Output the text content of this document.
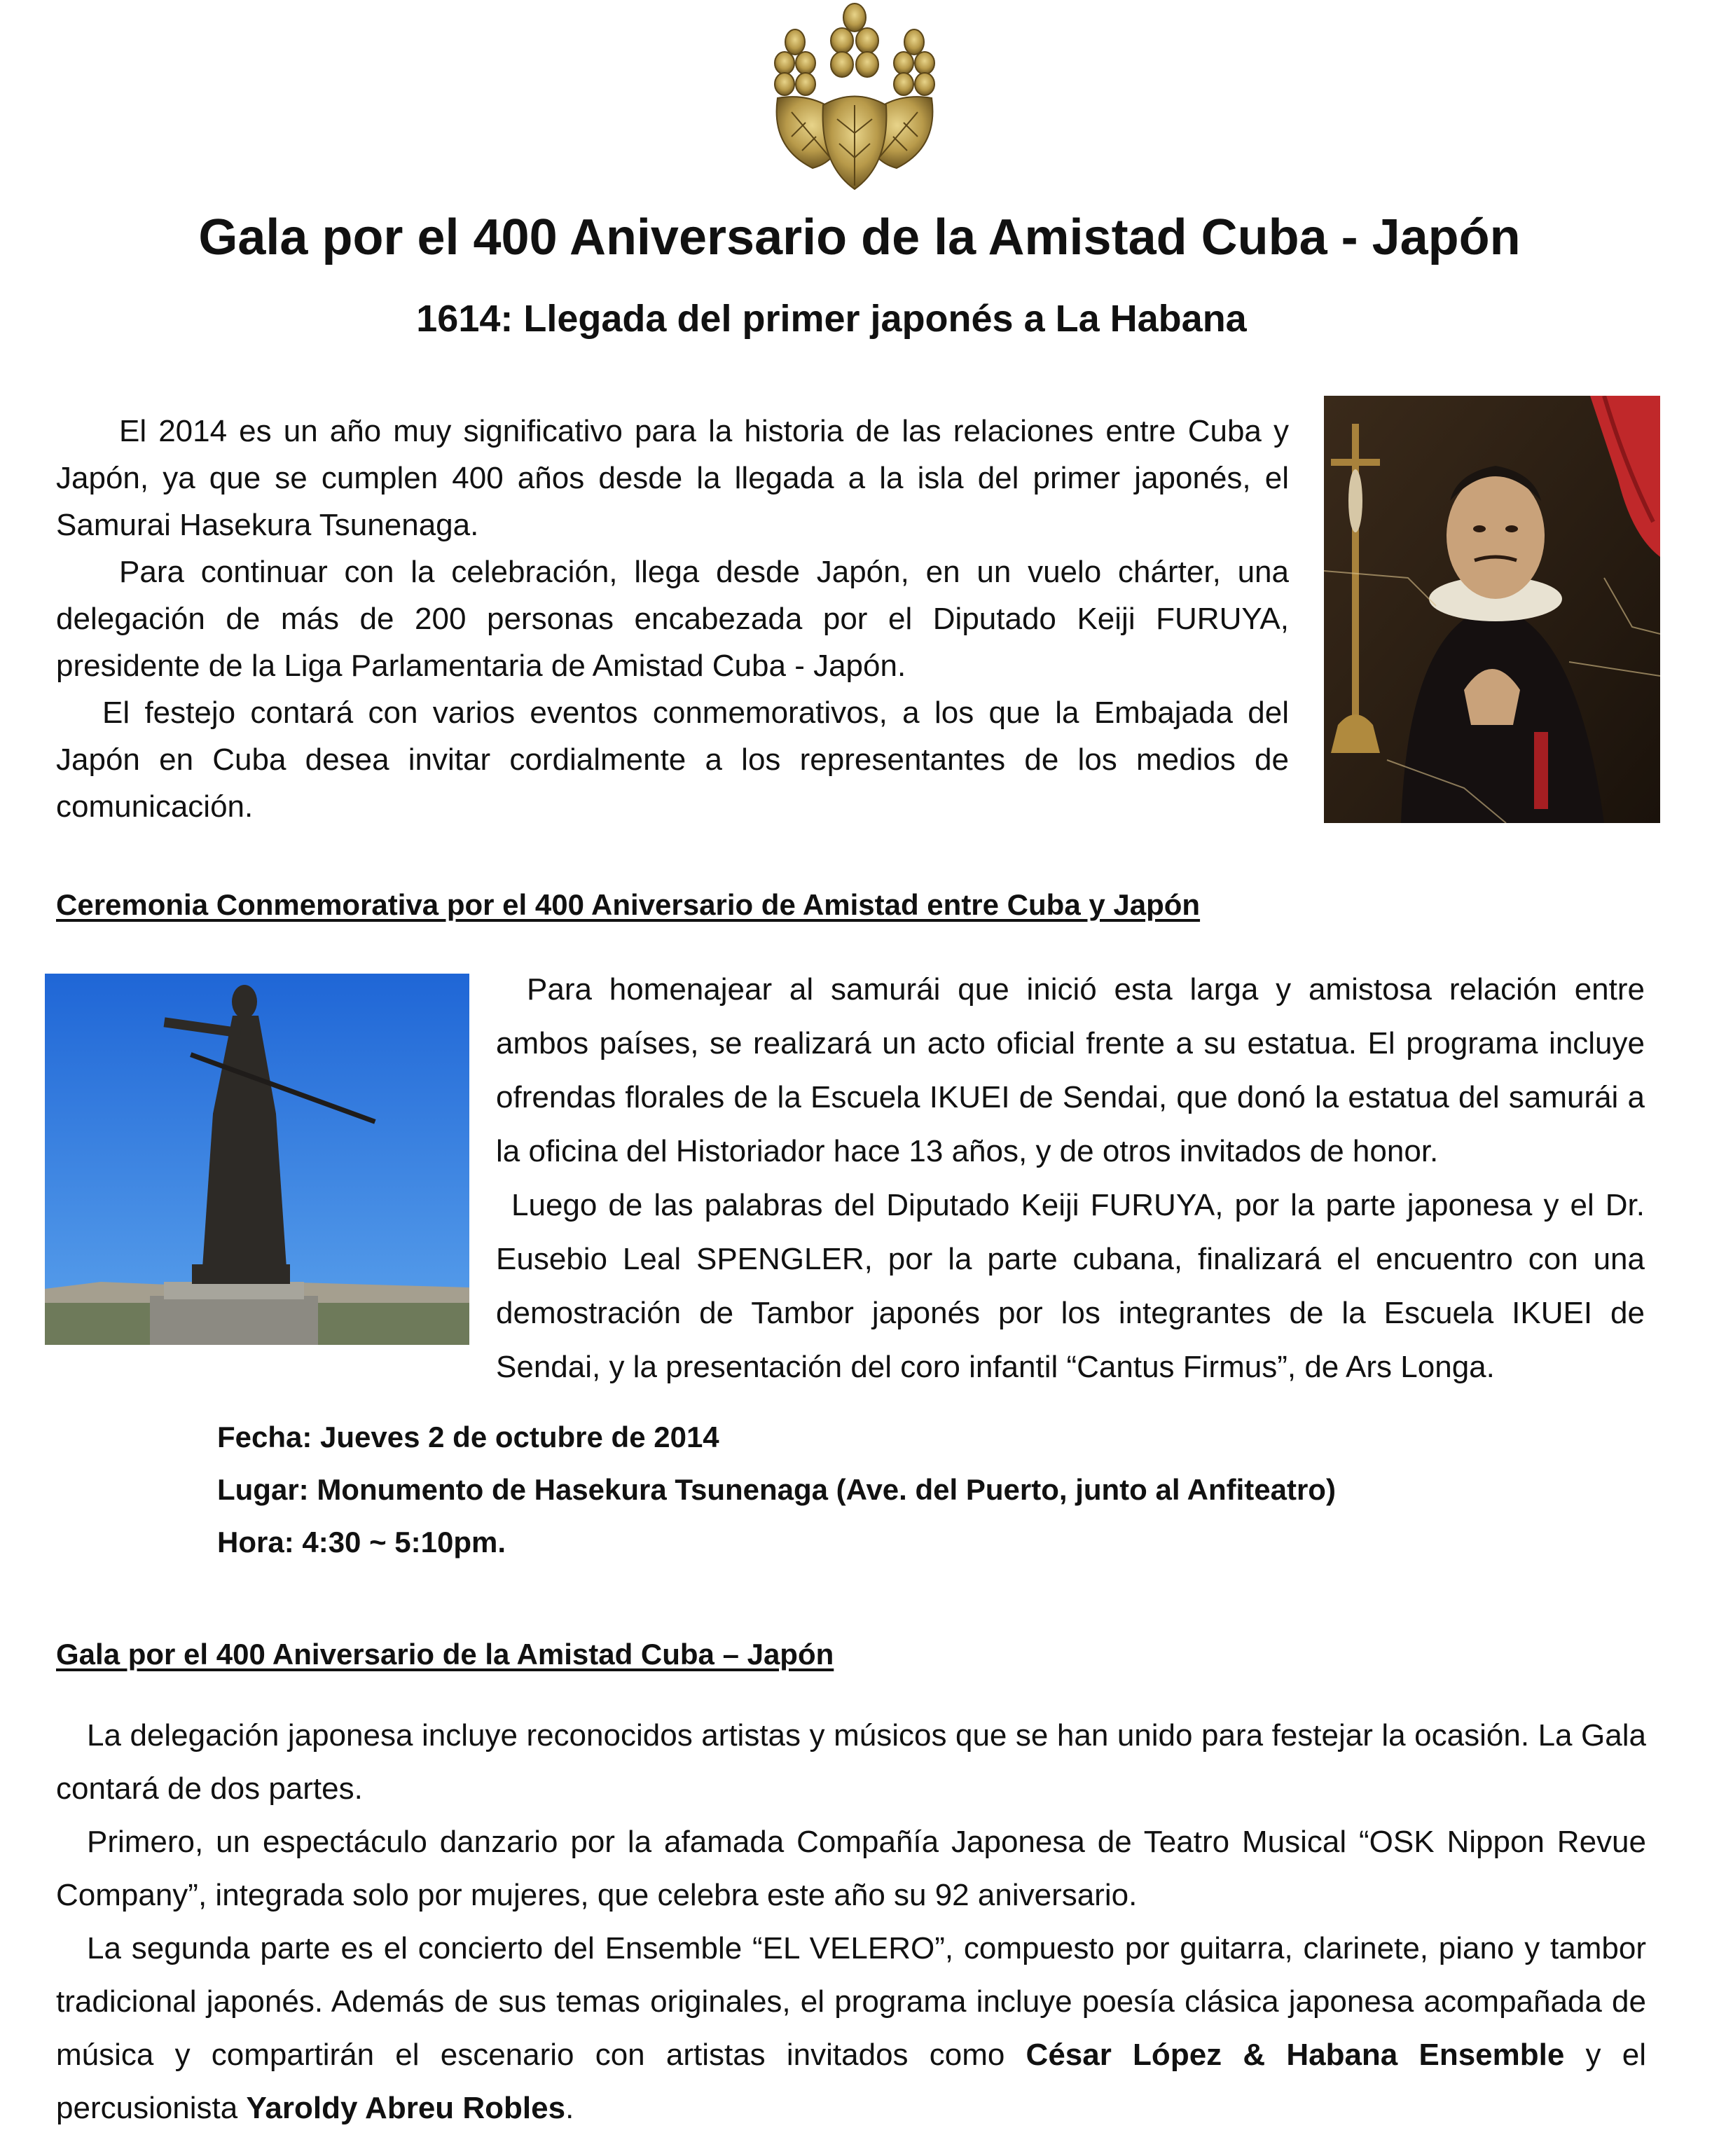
Gala por el 400 Aniversario de la Amistad Cuba - Japón
1614: Llegada del primer japonés a La Habana

El 2014 es un año muy significativo para la historia de las relaciones entre Cuba y Japón, ya que se cumplen 400 años desde la llegada a la isla del primer japonés, el Samurai Hasekura Tsunenaga.

Para continuar con la celebración, llega desde Japón, en un vuelo chárter, una delegación de más de 200 personas encabezada por el Diputado Keiji FURUYA, presidente de la Liga Parlamentaria de Amistad Cuba - Japón.

El festejo contará con varios eventos conmemorativos, a los que la Embajada del Japón en Cuba desea invitar cordialmente a los representantes de los medios de comunicación.

Ceremonia Conmemorativa por el 400 Aniversario de Amistad entre Cuba y Japón

Para homenajear al samurái que inició esta larga y amistosa relación entre ambos países, se realizará un acto oficial frente a su estatua. El programa incluye ofrendas florales de la Escuela IKUEI de Sendai, que donó la estatua del samurái a la oficina del Historiador hace 13 años, y de otros invitados de honor.

Luego de las palabras del Diputado Keiji FURUYA, por la parte japonesa y el Dr. Eusebio Leal SPENGLER, por la parte cubana, finalizará el encuentro con una demostración de Tambor japonés por los integrantes de la Escuela IKUEI de Sendai, y la presentación del coro infantil “Cantus Firmus”, de Ars Longa.

Fecha: Jueves 2 de octubre de 2014
Lugar: Monumento de Hasekura Tsunenaga (Ave. del Puerto, junto al Anfiteatro)
Hora: 4:30 ~ 5:10pm.
Gala por el 400 Aniversario de la Amistad Cuba – Japón

La delegación japonesa incluye reconocidos artistas y músicos que se han unido para festejar la ocasión. La Gala contará de dos partes.

Primero, un espectáculo danzario por la afamada Compañía Japonesa de Teatro Musical “OSK Nippon Revue Company”, integrada solo por mujeres, que celebra este año su 92 aniversario.

La segunda parte es el concierto del Ensemble “EL VELERO”, compuesto por guitarra, clarinete, piano y tambor tradicional japonés. Además de sus temas originales, el programa incluye poesía clásica japonesa acompañada de música y compartirán el escenario con artistas invitados como César López & Habana Ensemble y el percusionista Yaroldy Abreu Robles.
